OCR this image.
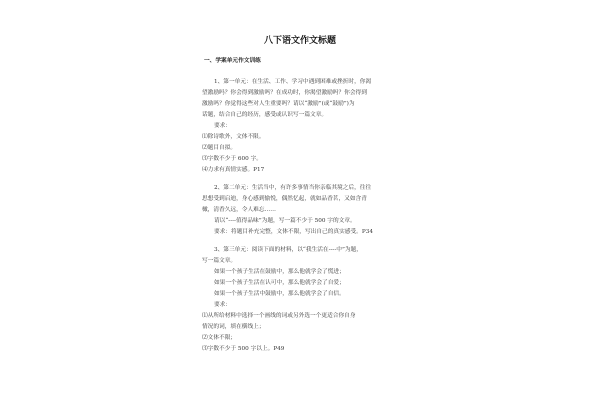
八下语文作文标题
一、学案单元作文训练
1、第一单元：在生活、工作、学习中遇到困难或挫折时，你渴
望激励吗？你会得到激励吗？在成功时，你渴望激励吗？你会得到
激励吗？你觉得这些对人生重要吗？请以“激励”(或“鼓励”)为
话题，结合自己的经历，感受或认识写一篇文章。
要求：
⑴除诗歌外，文体不限。
⑵题目自拟。
⑶字数不少于 600 字。
⑷力求有真情实感。P17
2、第二单元：生活当中，有许多事情当你亲临其境之后，往往
思想受到启迪，身心感到愉悦，偶然忆起，就如品香茗，又如含青
橄，清香久远，令人难忘……
请以“----值得品味”为题，写一篇不少于 500 字的文章。
要求：将题目补充完整，文体不限，写出自己的真实感受。P34
3、第三单元：阅读下面的材料，以“我生活在----中”为题，
写一篇文章。
如果一个孩子生活在鼓励中，那么他就学会了慌进；
如果一个孩子生活在认可中，那么他就学会了自爱；
如果一个孩子生活中鼓励中，那么他就学会了自信。
要求：
⑴从所给材料中选择一个画线的词或另外选一个更适合你自身
情况的词，填在横线上；
⑵文体不限；
⑶字数不少于 500 字以上。P49
